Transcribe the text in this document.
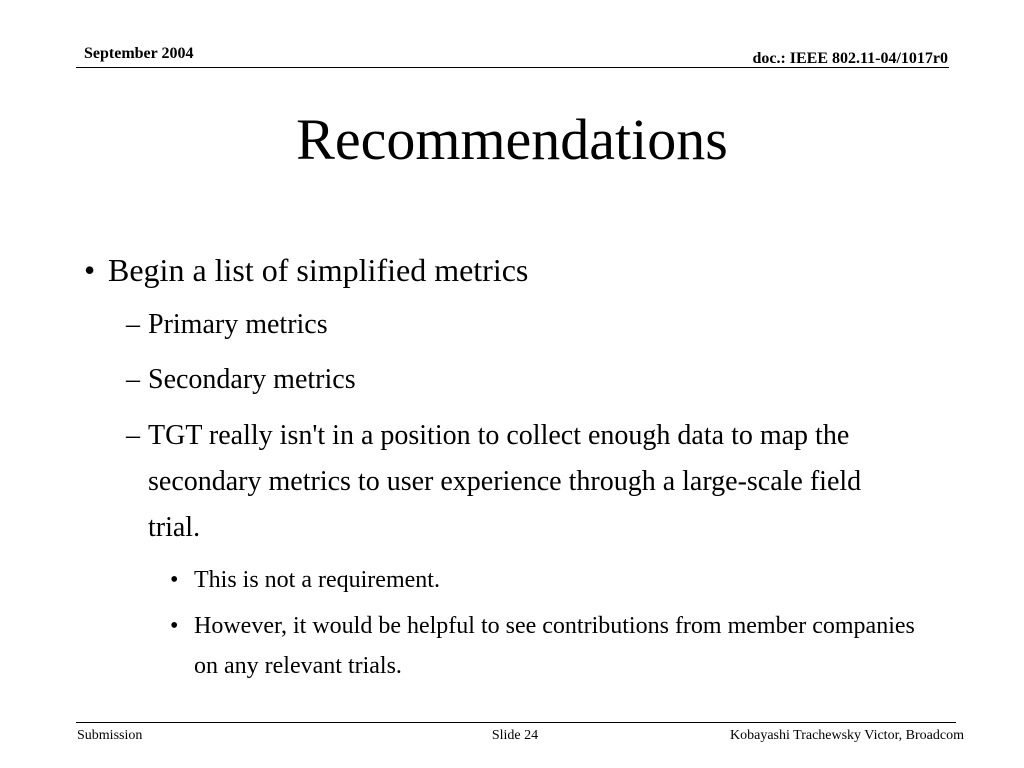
September 2004	doc.: IEEE 802.11-04/1017r0
Recommendations
• Begin a list of simplified metrics
– Primary metrics
– Secondary metrics
– TGT really isn't in a position to collect enough data to map the secondary metrics to user experience through a large-scale field trial.
• This is not a requirement.
• However, it would be helpful to see contributions from member companies on any relevant trials.
Submission	Slide 24	Kobayashi Trachewsky Victor, Broadcom
